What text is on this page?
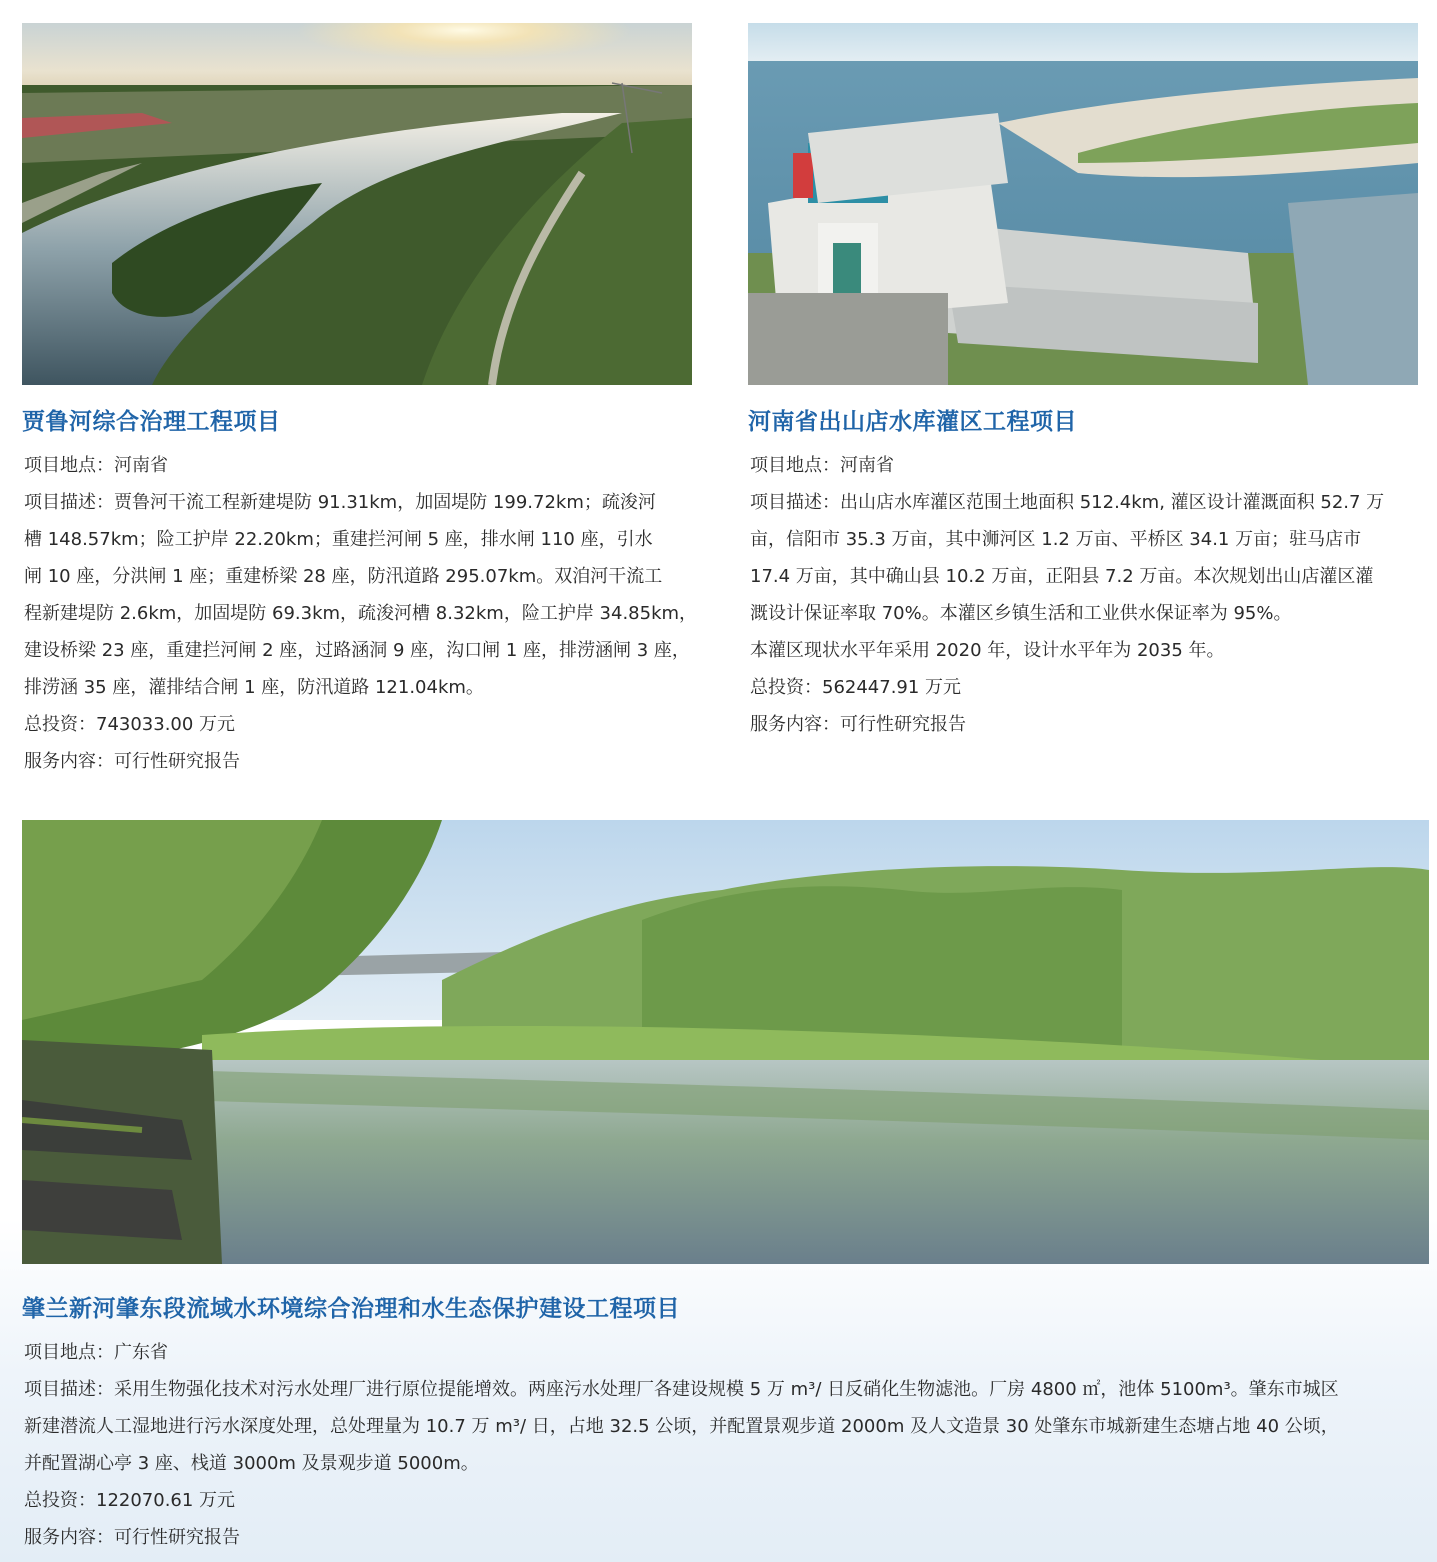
贾鲁河综合治理工程项目

项目地点：河南省

项目描述：贾鲁河干流工程新建堤防 91.31km，加固堤防 199.72km；疏浚河

槽 148.57km；险工护岸 22.20km；重建拦河闸 5 座，排水闸 110 座，引水

闸 10 座，分洪闸 1 座；重建桥梁 28 座，防汛道路 295.07km。双洎河干流工

程新建堤防 2.6km，加固堤防 69.3km，疏浚河槽 8.32km，险工护岸 34.85km，

建设桥梁 23 座，重建拦河闸 2 座，过路涵洞 9 座，沟口闸 1 座，排涝涵闸 3 座，

排涝涵 35 座，灌排结合闸 1 座，防汛道路 121.04km。

总投资：743033.00 万元

服务内容：可行性研究报告

河南省出山店水库灌区工程项目

项目地点：河南省

项目描述：出山店水库灌区范围土地面积 512.4km, 灌区设计灌溉面积 52.7 万

亩，信阳市 35.3 万亩，其中浉河区 1.2 万亩、平桥区 34.1 万亩；驻马店市

17.4 万亩，其中确山县 10.2 万亩，正阳县 7.2 万亩。本次规划出山店灌区灌

溉设计保证率取 70%。本灌区乡镇生活和工业供水保证率为 95%。

本灌区现状水平年采用 2020 年，设计水平年为 2035 年。

总投资：562447.91 万元

服务内容：可行性研究报告

肇兰新河肇东段流域水环境综合治理和水生态保护建设工程项目

项目地点：广东省

项目描述：采用生物强化技术对污水处理厂进行原位提能增效。两座污水处理厂各建设规模 5 万 m³/ 日反硝化生物滤池。厂房 4800 ㎡，池体 5100m³。肇东市城区

新建潜流人工湿地进行污水深度处理，总处理量为 10.7 万 m³/ 日，占地 32.5 公顷，并配置景观步道 2000m 及人文造景 30 处肇东市城新建生态塘占地 40 公顷，

并配置湖心亭 3 座、栈道 3000m 及景观步道 5000m。

总投资：122070.61 万元

服务内容：可行性研究报告
